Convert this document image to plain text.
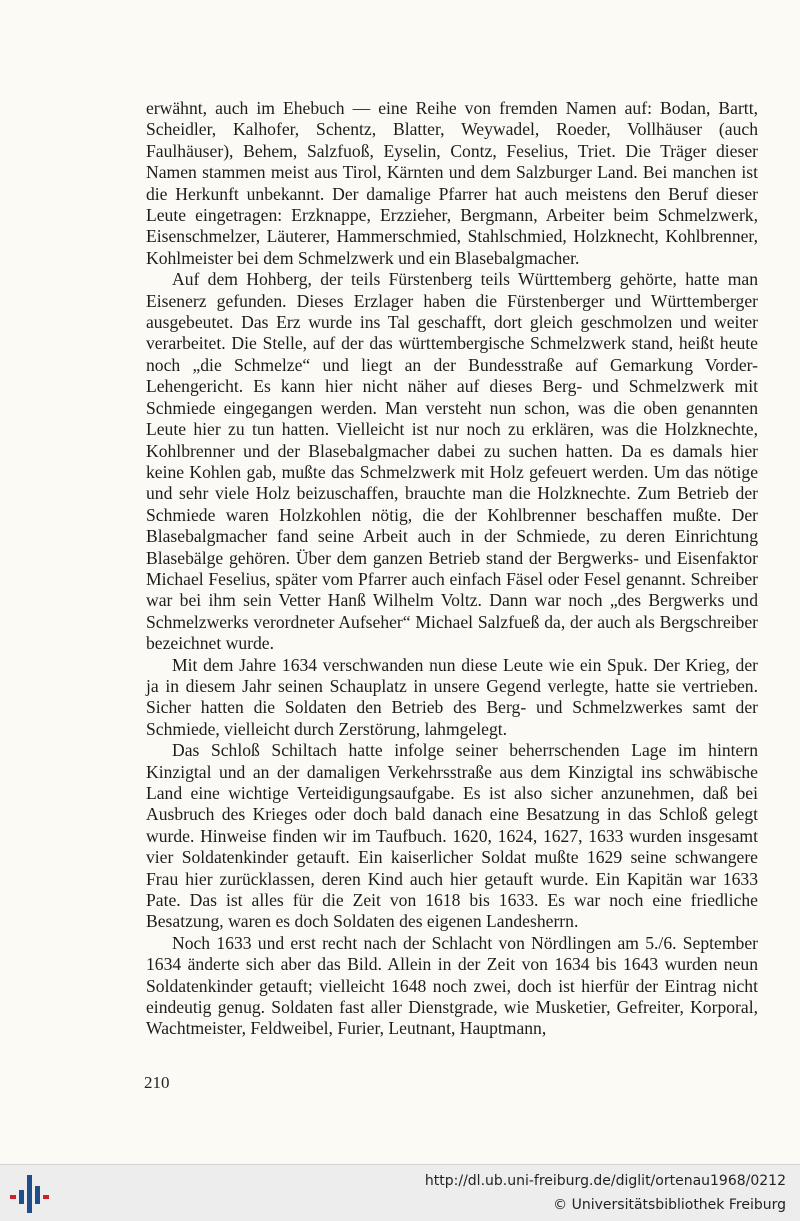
erwähnt, auch im Ehebuch — eine Reihe von fremden Namen auf: Bodan, Bartt, Scheidler, Kalhofer, Schentz, Blatter, Weywadel, Roeder, Vollhäuser (auch Faulhäuser), Behem, Salzfuoß, Eyselin, Contz, Feselius, Triet. Die Träger dieser Namen stammen meist aus Tirol, Kärnten und dem Salzburger Land. Bei manchen ist die Herkunft unbekannt. Der damalige Pfarrer hat auch meistens den Beruf dieser Leute eingetragen: Erzknappe, Erzzieher, Bergmann, Arbeiter beim Schmelzwerk, Eisenschmelzer, Läuterer, Hammerschmied, Stahlschmied, Holzknecht, Kohlbrenner, Kohlmeister bei dem Schmelzwerk und ein Blasebalgmacher.

Auf dem Hohberg, der teils Fürstenberg teils Württemberg gehörte, hatte man Eisenerz gefunden. Dieses Erzlager haben die Fürstenberger und Württemberger ausgebeutet. Das Erz wurde ins Tal geschafft, dort gleich geschmolzen und weiter verarbeitet. Die Stelle, auf der das württembergische Schmelzwerk stand, heißt heute noch „die Schmelze“ und liegt an der Bundesstraße auf Gemarkung Vorder-Lehengericht. Es kann hier nicht näher auf dieses Berg- und Schmelzwerk mit Schmiede eingegangen werden. Man versteht nun schon, was die oben genannten Leute hier zu tun hatten. Vielleicht ist nur noch zu erklären, was die Holzknechte, Kohlbrenner und der Blasebalgmacher dabei zu suchen hatten. Da es damals hier keine Kohlen gab, mußte das Schmelzwerk mit Holz gefeuert werden. Um das nötige und sehr viele Holz beizuschaffen, brauchte man die Holzknechte. Zum Betrieb der Schmiede waren Holzkohlen nötig, die der Kohlbrenner beschaffen mußte. Der Blasebalgmacher fand seine Arbeit auch in der Schmiede, zu deren Einrichtung Blasebälge gehören. Über dem ganzen Betrieb stand der Bergwerks- und Eisenfaktor Michael Feselius, später vom Pfarrer auch einfach Fäsel oder Fesel genannt. Schreiber war bei ihm sein Vetter Hanß Wilhelm Voltz. Dann war noch „des Bergwerks und Schmelzwerks verordneter Aufseher“ Michael Salzfueß da, der auch als Bergschreiber bezeichnet wurde.

Mit dem Jahre 1634 verschwanden nun diese Leute wie ein Spuk. Der Krieg, der ja in diesem Jahr seinen Schauplatz in unsere Gegend verlegte, hatte sie vertrieben. Sicher hatten die Soldaten den Betrieb des Berg- und Schmelzwerkes samt der Schmiede, vielleicht durch Zerstörung, lahmgelegt.

Das Schloß Schiltach hatte infolge seiner beherrschenden Lage im hintern Kinzigtal und an der damaligen Verkehrsstraße aus dem Kinzigtal ins schwäbische Land eine wichtige Verteidigungsaufgabe. Es ist also sicher anzunehmen, daß bei Ausbruch des Krieges oder doch bald danach eine Besatzung in das Schloß gelegt wurde. Hinweise finden wir im Taufbuch. 1620, 1624, 1627, 1633 wurden insgesamt vier Soldatenkinder getauft. Ein kaiserlicher Soldat mußte 1629 seine schwangere Frau hier zurücklassen, deren Kind auch hier getauft wurde. Ein Kapitän war 1633 Pate. Das ist alles für die Zeit von 1618 bis 1633. Es war noch eine friedliche Besatzung, waren es doch Soldaten des eigenen Landesherrn.

Noch 1633 und erst recht nach der Schlacht von Nördlingen am 5./6. September 1634 änderte sich aber das Bild. Allein in der Zeit von 1634 bis 1643 wurden neun Soldatenkinder getauft; vielleicht 1648 noch zwei, doch ist hierfür der Eintrag nicht eindeutig genug. Soldaten fast aller Dienstgrade, wie Musketier, Gefreiter, Korporal, Wachtmeister, Feldweibel, Furier, Leutnant, Hauptmann,

210
http://dl.ub.uni-freiburg.de/diglit/ortenau1968/0212
© Universitätsbibliothek Freiburg
